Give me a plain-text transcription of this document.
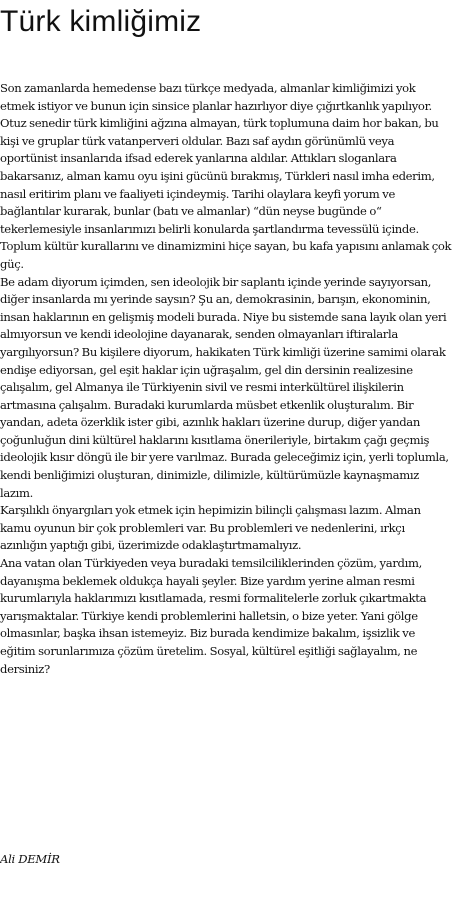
Türk kimliğimiz

Son zamanlarda hemedense bazı türkçe medyada, almanlar kimliğimizi yok etmek istiyor ve bunun için sinsice planlar hazırlıyor diye çığırtkanlık yapılıyor.

Otuz senedir türk kimliğini ağzına almayan, türk toplumuna daim hor bakan, bu kişi ve gruplar türk vatanperveri oldular. Bazı saf aydın görünümlü veya oportünist insanlarıda ifsad ederek yanlarına aldılar. Attıkları sloganlara bakarsanız, alman kamu oyu işini gücünü bırakmış, Türkleri nasıl imha ederim, nasıl eritirim planı ve faaliyeti içindeymiş. Tarihi olaylara keyfi yorum ve bağlantılar kurarak, bunlar (batı ve almanlar) “dün neyse bugünde o“ tekerlemesiyle insanlarımızı belirli konularda şartlandırma tevessülü içinde. Toplum kültür kurallarını ve dinamizmini hiçe sayan, bu kafa yapısını anlamak çok güç.

Be adam diyorum içimden, sen ideolojik bir saplantı içinde yerinde sayıyorsan, diğer insanlarda mı yerinde saysın? Şu an, demokrasinin, barışın, ekonominin, insan haklarının en gelişmiş modeli burada. Niye bu sistemde sana layık olan yeri almıyorsun ve kendi ideolojine dayanarak, senden olmayanları iftiralarla yargılıyorsun? Bu kişilere diyorum, hakikaten Türk kimliği üzerine samimi olarak endişe ediyorsan, gel eşit haklar için uğraşalım, gel din dersinin realizesine çalışalım, gel Almanya ile Türkiyenin sivil ve resmi interkültürel ilişkilerin artmasına çalışalım. Buradaki kurumlarda müsbet etkenlik oluşturalım. Bir yandan, adeta özerklik ister gibi, azınlık hakları üzerine durup, diğer yandan çoğunluğun dini kültürel haklarını kısıtlama önerileriyle, birtakım çağı geçmiş ideolojik kısır döngü ile bir yere varılmaz. Burada geleceğimiz için, yerli toplumla, kendi benliğimizi oluşturan, dinimizle, dilimizle, kültürümüzle kaynaşmamız lazım.

Karşılıklı önyargıları yok etmek için hepimizin bilinçli çalışması lazım. Alman kamu oyunun bir çok problemleri var. Bu problemleri ve nedenlerini, ırkçı azınlığın yaptığı gibi, üzerimizde odaklaştırtmamalıyız.

Ana vatan olan Türkiyeden veya buradaki temsilciliklerinden çözüm, yardım, dayanışma beklemek oldukça hayali şeyler. Bize yardım yerine alman resmi kurumlarıyla haklarımızı kısıtlamada, resmi formalitelerle zorluk çıkartmakta yarışmaktalar. Türkiye kendi problemlerini halletsin, o bize yeter. Yani gölge olmasınlar, başka ihsan istemeyiz. Biz burada kendimize bakalım, işsizlik ve eğitim sorunlarımıza çözüm üretelim. Sosyal, kültürel eşitliği sağlayalım, ne dersiniz?

Ali DEMİR
